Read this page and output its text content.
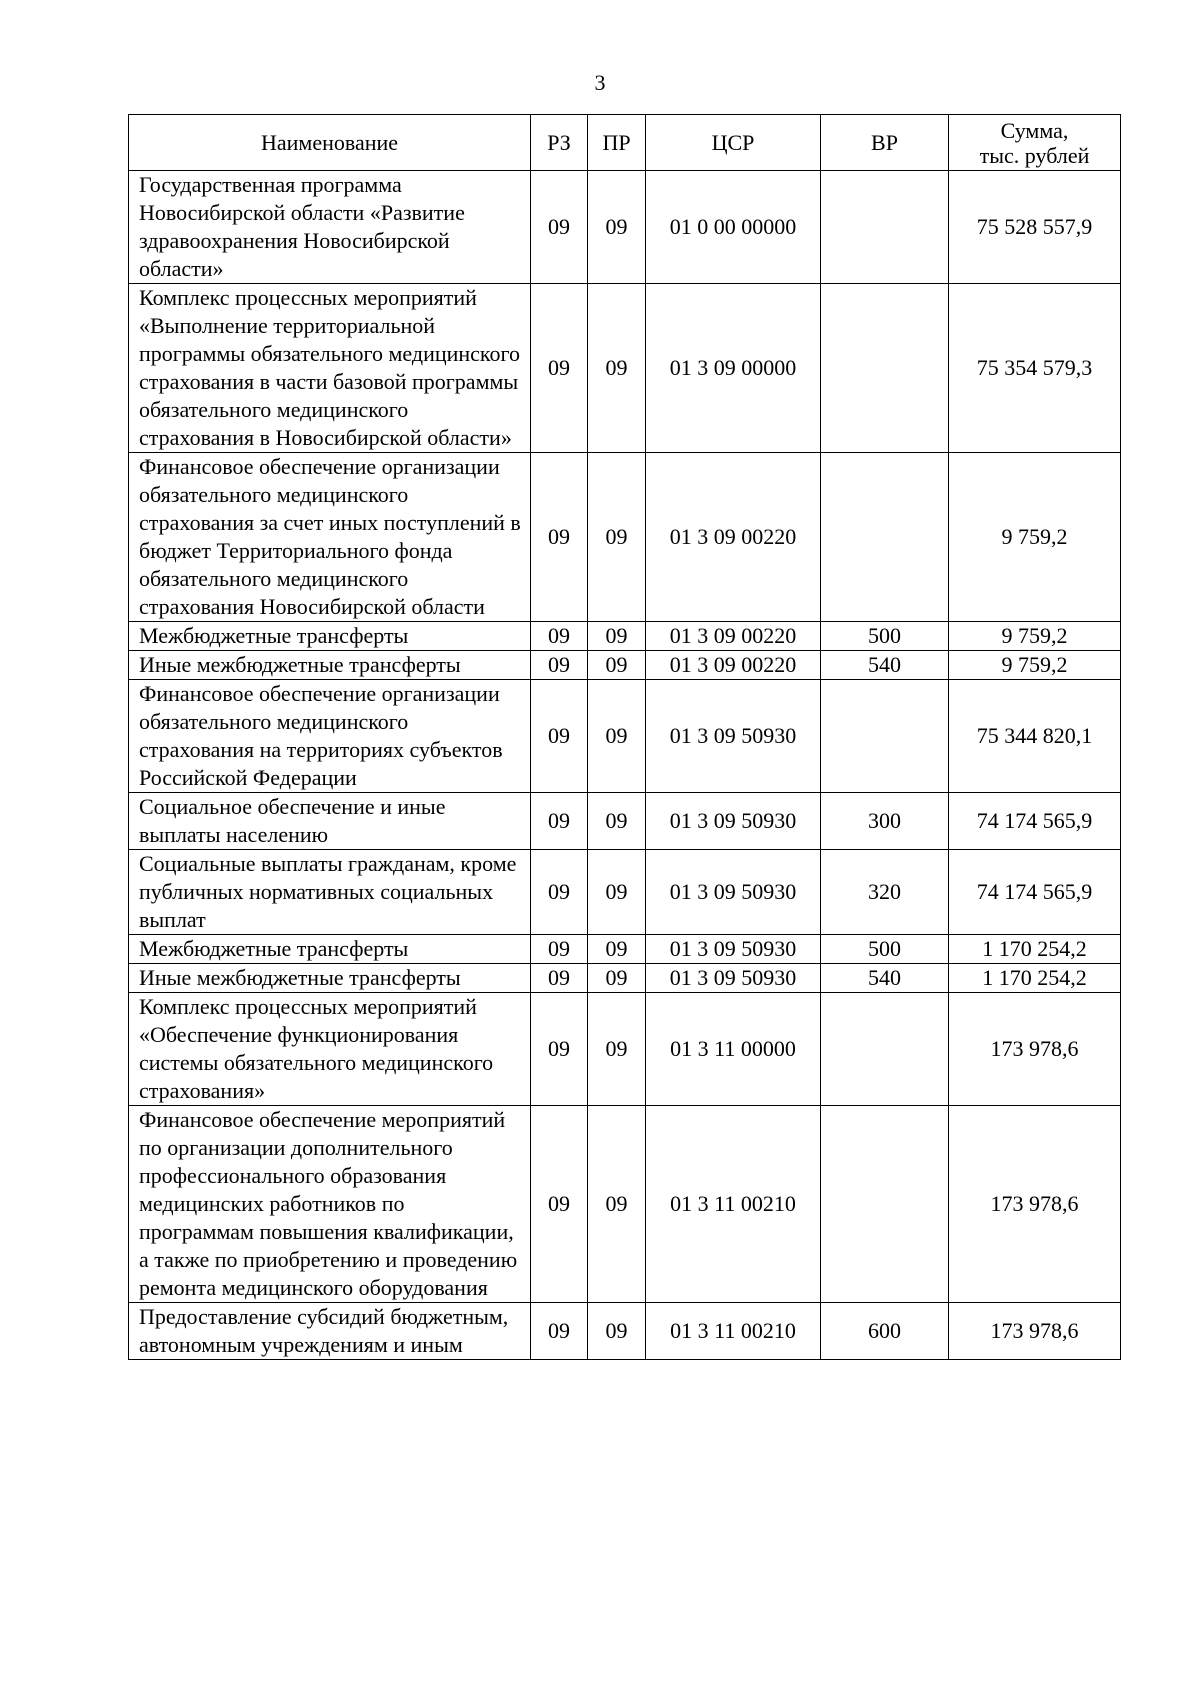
3
Наименование	РЗ	ПР	ЦСР	ВР	Сумма,
тыс. рублей

Государственная программа Новосибирской области «Развитие здравоохранения Новосибирской области»	09	09	01 0 00 00000		75 528 557,9
Комплекс процессных мероприятий «Выполнение территориальной программы обязательного медицинского страхования в части базовой программы обязательного медицинского страхования в Новосибирской области»	09	09	01 3 09 00000		75 354 579,3
Финансовое обеспечение организации обязательного медицинского страхования за счет иных поступлений в бюджет Территориального фонда обязательного медицинского страхования Новосибирской области	09	09	01 3 09 00220		9 759,2
Межбюджетные трансферты	09	09	01 3 09 00220	500	9 759,2
Иные межбюджетные трансферты	09	09	01 3 09 00220	540	9 759,2
Финансовое обеспечение организации обязательного медицинского страхования на территориях субъектов Российской Федерации	09	09	01 3 09 50930		75 344 820,1
Социальное обеспечение и иные выплаты населению	09	09	01 3 09 50930	300	74 174 565,9
Социальные выплаты гражданам, кроме публичных нормативных социальных выплат	09	09	01 3 09 50930	320	74 174 565,9
Межбюджетные трансферты	09	09	01 3 09 50930	500	1 170 254,2
Иные межбюджетные трансферты	09	09	01 3 09 50930	540	1 170 254,2
Комплекс процессных мероприятий «Обеспечение функционирования системы обязательного медицинского страхования»	09	09	01 3 11 00000		173 978,6
Финансовое обеспечение мероприятий по организации дополнительного профессионального образования медицинских работников по программам повышения квалификации, а также по приобретению и проведению ремонта медицинского оборудования	09	09	01 3 11 00210		173 978,6
Предоставление субсидий бюджетным, автономным учреждениям и иным	09	09	01 3 11 00210	600	173 978,6
